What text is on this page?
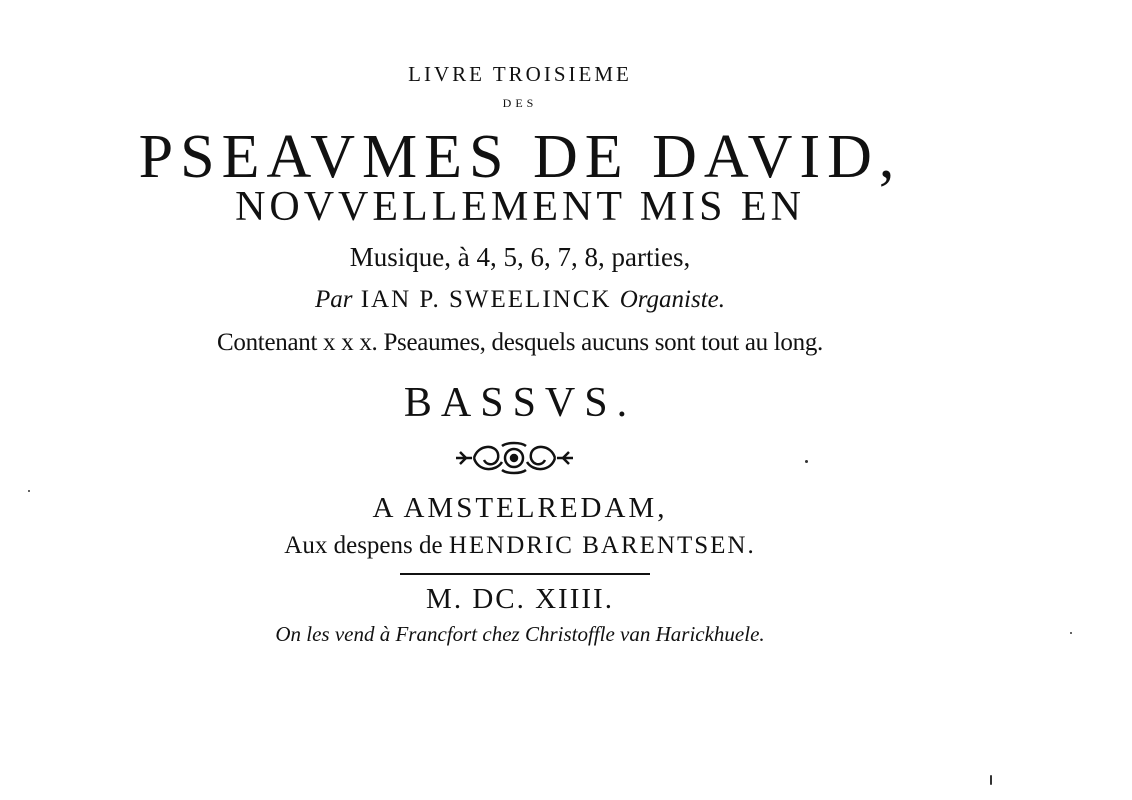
LIVRE TROISIEME
DES
PSEAVMES DE DAVID,
NOVVELLEMENT MIS EN
Musique, à 4, 5, 6, 7, 8, parties,
Par IAN P. SWEELINCK Organiste.
Contenant x x x. Pseaumes, desquels aucuns sont tout au long.
BASSVS.
A AMSTELREDAM,
Aux despens de HENDRIC BARENTSEN.
M. DC. XIIII.
On les vend à Francfort chez Christoffle van Harickhuele.
